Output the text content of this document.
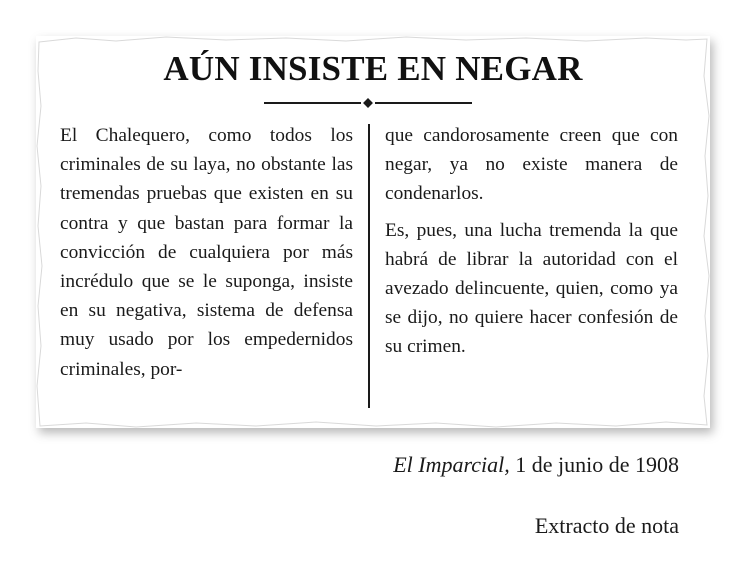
AÚN INSISTE EN NEGAR

El Chalequero, como todos los criminales de su laya, no obstante las tremendas pruebas que existen en su contra y que bastan para formar la convicción de cualquiera por más incrédulo que se le suponga, insiste en su negativa, sistema de defensa muy usado por los empedernidos criminales, por-

que candorosamente creen que con negar, ya no existe manera de condenarlos.

Es, pues, una lucha tremenda la que habrá de librar la autoridad con el avezado delincuente, quien, como ya se dijo, no quiere hacer confesión de su crimen.

El Imparcial, 1 de junio de 1908
Extracto de nota
